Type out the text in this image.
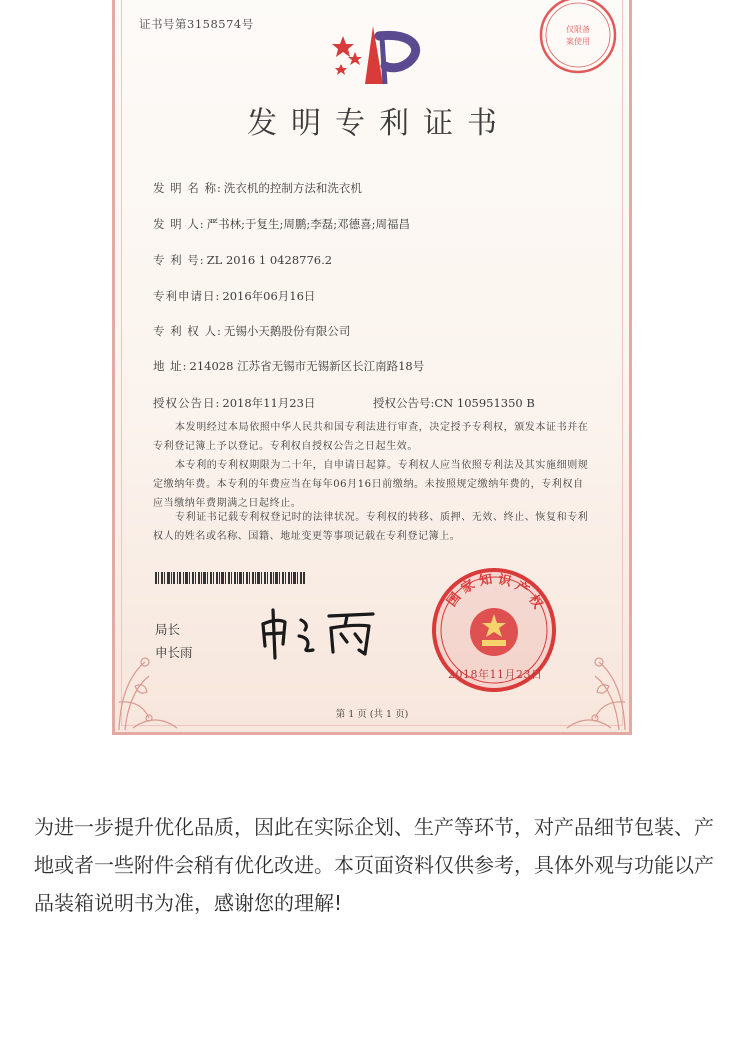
证书号第3158574号	仅限备
案使用
发明专利证书
发 明 名 称: 洗衣机的控制方法和洗衣机
发 明 人: 严书林;于复生;周鹏;李磊;邓德喜;周福昌
专 利 号: ZL 2016 1 0428776.2
专利申请日: 2016年06月16日
专 利 权 人: 无锡小天鹅股份有限公司
地 址: 214028 江苏省无锡市无锡新区长江南路18号
授权公告日: 2018年11月23日	授权公告号:CN 105951350 B
本发明经过本局依照中华人民共和国专利法进行审查，决定授予专利权，颁发本证书并在专利登记簿上予以登记。专利权自授权公告之日起生效。
本专利的专利权期限为二十年，自申请日起算。专利权人应当依照专利法及其实施细则规定缴纳年费。本专利的年费应当在每年06月16日前缴纳。未按照规定缴纳年费的，专利权自应当缴纳年费期满之日起终止。
专利证书记载专利权登记时的法律状况。专利权的转移、质押、无效、终止、恢复和专利权人的姓名或名称、国籍、地址变更等事项记载在专利登记簿上。
局长
申长雨
国 家 知 识 产 权
2018年11月23日
第 1 页 (共 1 页)
为进一步提升优化品质，因此在实际企划、生产等环节，对产品细节包装、产地或者一些附件会稍有优化改进。本页面资料仅供参考，具体外观与功能以产品装箱说明书为准，感谢您的理解!
